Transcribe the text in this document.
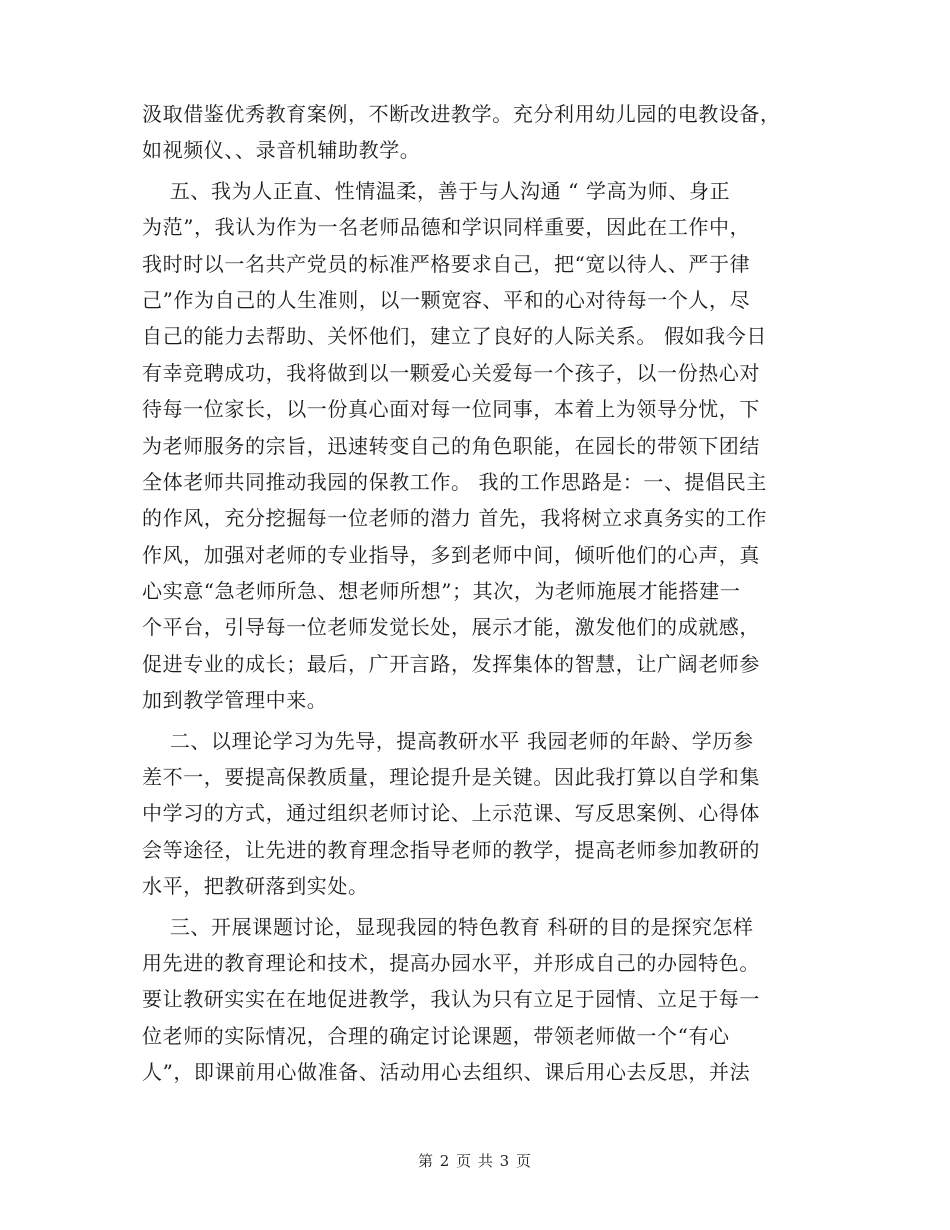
汲取借鉴优秀教育案例，不断改进教学。充分利用幼儿园的电教设备，
如视频仪、、录音机辅助教学。
五、我为人正直、性情温柔，善于与人沟通 “ 学高为师、身正
为范”，我认为作为一名老师品德和学识同样重要，因此在工作中，
我时时以一名共产党员的标准严格要求自己，把“宽以待人、严于律
己”作为自己的人生准则，以一颗宽容、平和的心对待每一个人，尽
自己的能力去帮助、关怀他们，建立了良好的人际关系。 假如我今日
有幸竞聘成功，我将做到以一颗爱心关爱每一个孩子，以一份热心对
待每一位家长，以一份真心面对每一位同事，本着上为领导分忧，下
为老师服务的宗旨，迅速转变自己的角色职能，在园长的带领下团结
全体老师共同推动我园的保教工作。 我的工作思路是：一、提倡民主
的作风，充分挖掘每一位老师的潜力 首先，我将树立求真务实的工作
作风，加强对老师的专业指导，多到老师中间，倾听他们的心声，真
心实意“急老师所急、想老师所想”；其次，为老师施展才能搭建一
个平台，引导每一位老师发觉长处，展示才能，激发他们的成就感，
促进专业的成长；最后，广开言路，发挥集体的智慧，让广阔老师参
加到教学管理中来。
二、以理论学习为先导，提高教研水平 我园老师的年龄、学历参
差不一，要提高保教质量，理论提升是关键。因此我打算以自学和集
中学习的方式，通过组织老师讨论、上示范课、写反思案例、心得体
会等途径，让先进的教育理念指导老师的教学，提高老师参加教研的
水平，把教研落到实处。
三、开展课题讨论，显现我园的特色教育 科研的目的是探究怎样
用先进的教育理论和技术，提高办园水平，并形成自己的办园特色。
要让教研实实在在地促进教学，我认为只有立足于园情、立足于每一
位老师的实际情况，合理的确定讨论课题，带领老师做一个“有心
人”，即课前用心做准备、活动用心去组织、课后用心去反思，并法
第 2 页 共 3 页
